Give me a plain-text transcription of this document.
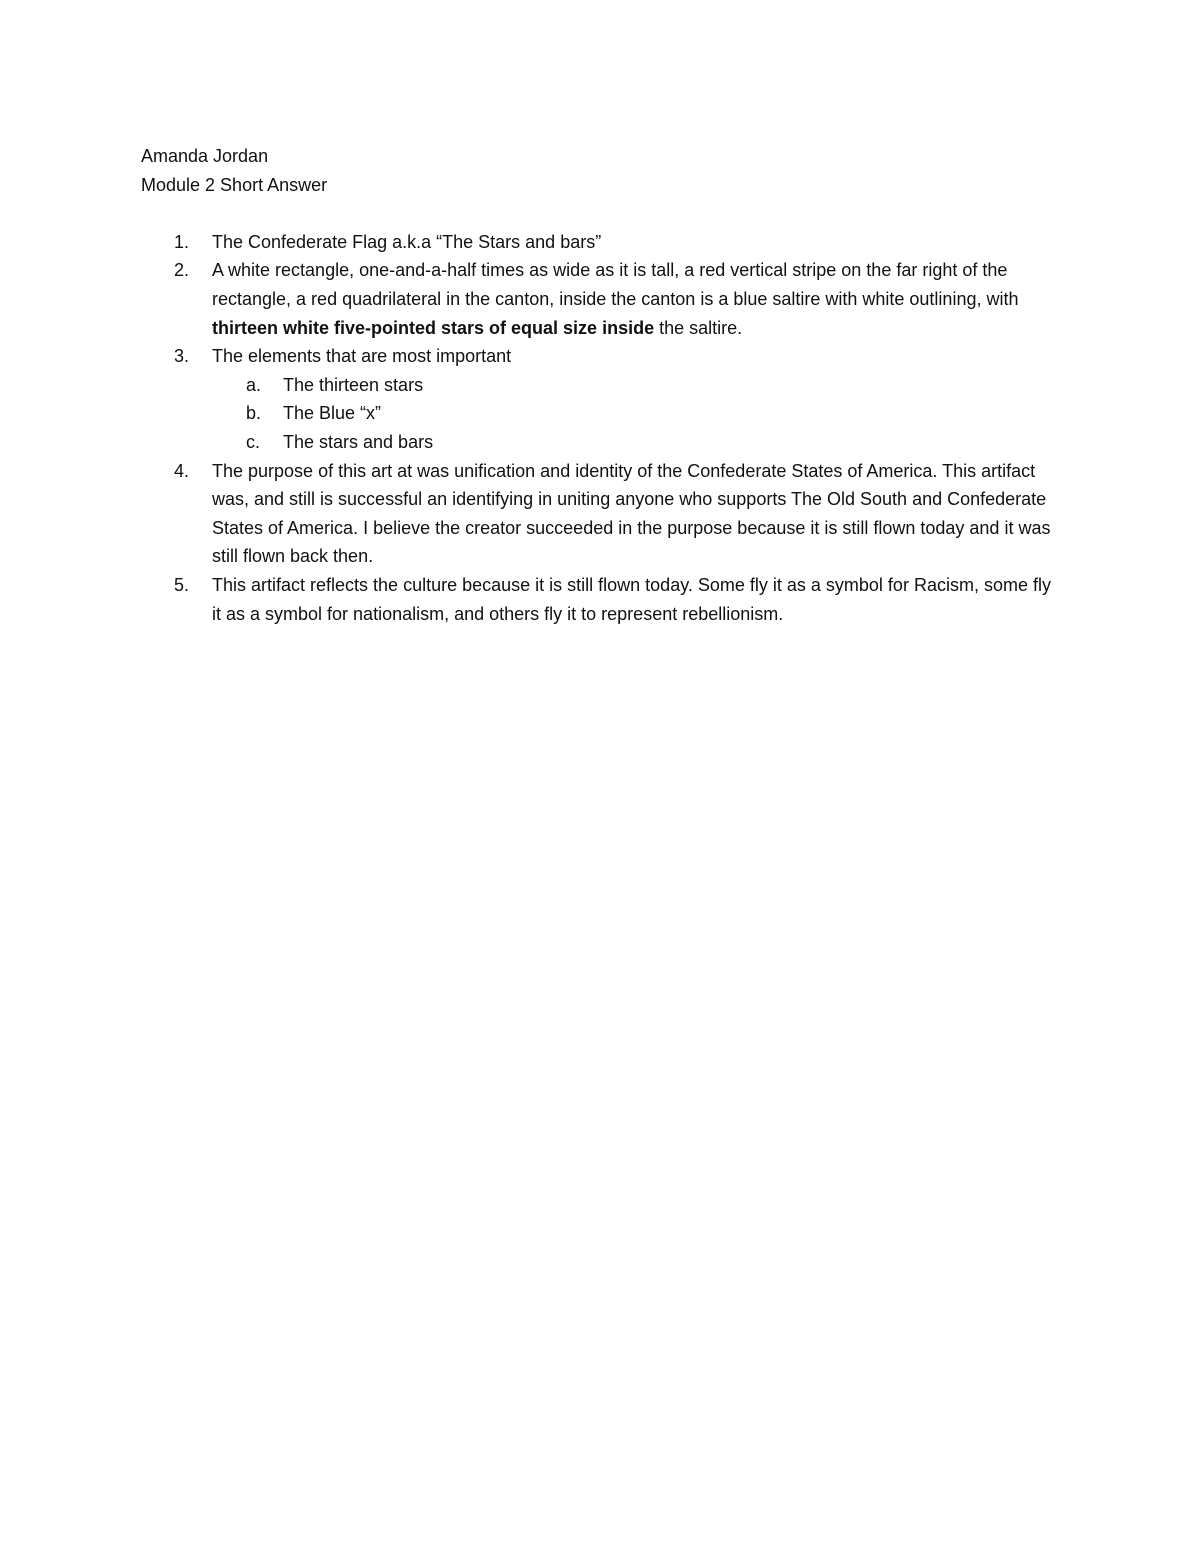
Amanda Jordan

Module 2 Short Answer

1. The Confederate Flag a.k.a “The Stars and bars”
2. A white rectangle, one-and-a-half times as wide as it is tall, a red vertical stripe on the far right of the rectangle, a red quadrilateral in the canton, inside the canton is a blue saltire with white outlining, with thirteen white five-pointed stars of equal size inside the saltire.
3. The elements that are most important
a. The thirteen stars
b. The Blue “x”
c. The stars and bars
4. The purpose of this art at was unification and identity of the Confederate States of America. This artifact was, and still is successful an identifying in uniting anyone who supports The Old South and Confederate States of America. I believe the creator succeeded in the purpose because it is still flown today and it was still flown back then.
5. This artifact reflects the culture because it is still flown today. Some fly it as a symbol for Racism, some fly it as a symbol for nationalism, and others fly it to represent rebellionism.
